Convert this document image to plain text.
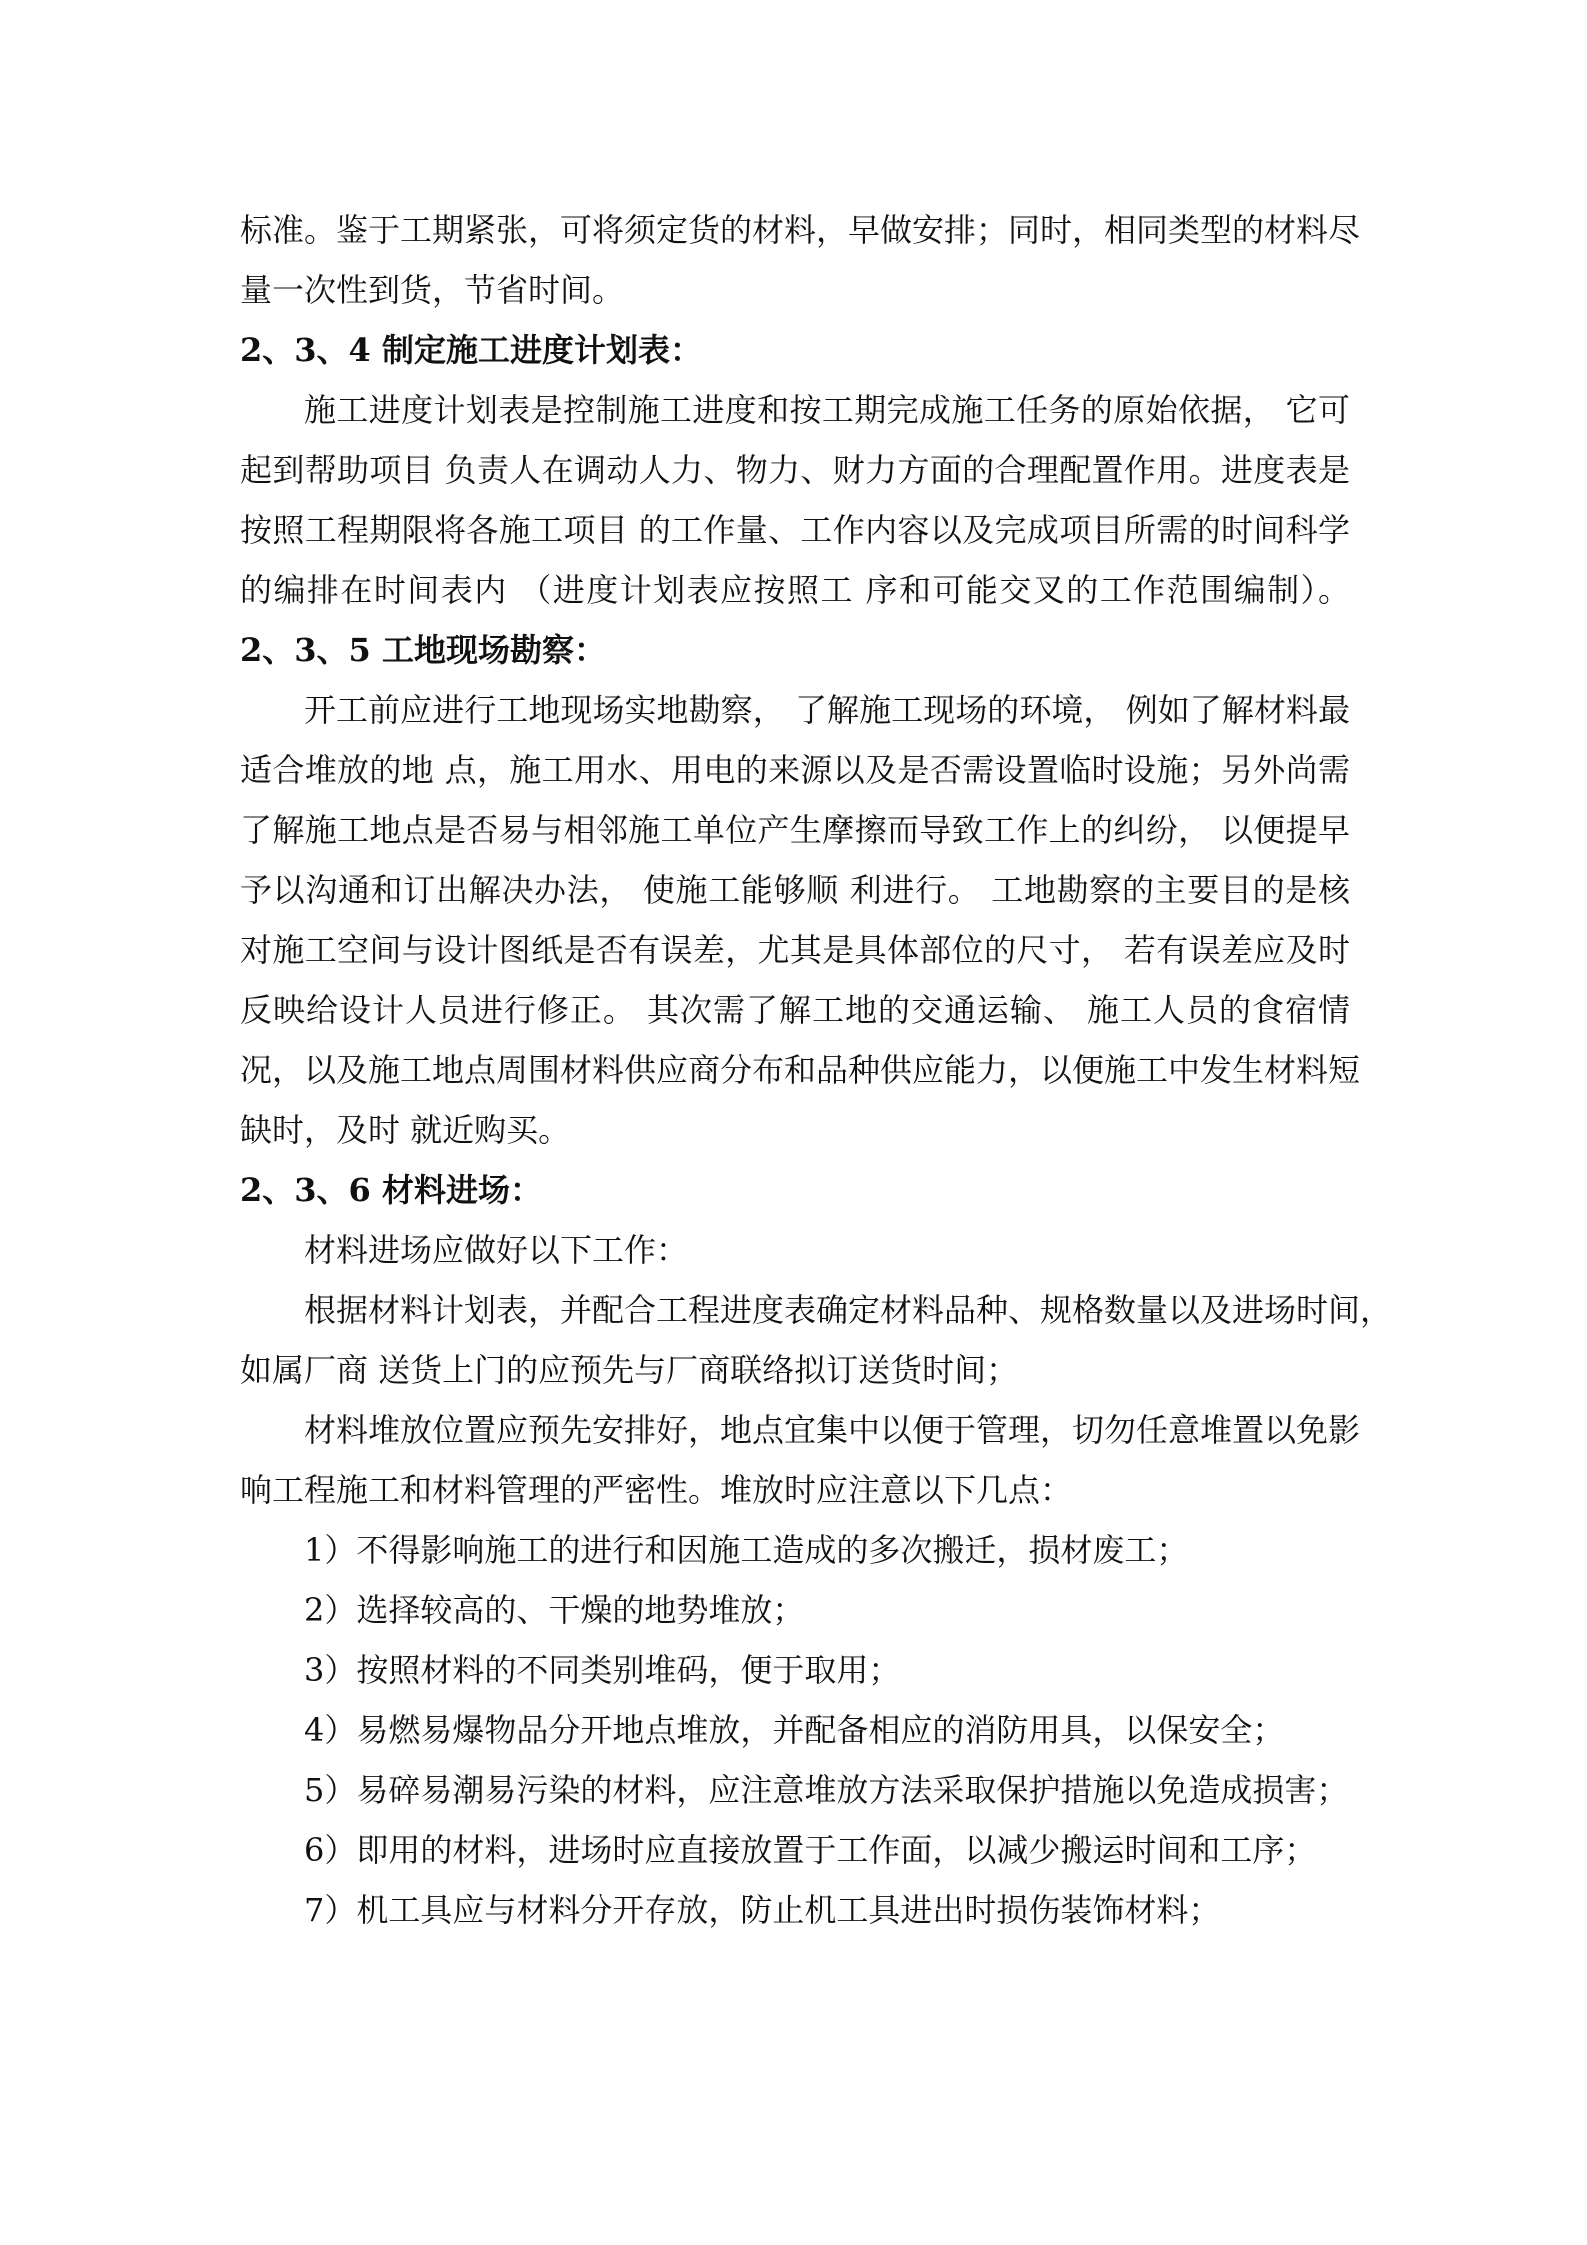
标准。鉴于工期紧张，可将须定货的材料，早做安排；同时，相同类型的材料尽
量一次性到货，节省时间。
2、3、4 制定施工进度计划表：
施工进度计划表是控制施工进度和按工期完成施工任务的原始依据， 它可
起到帮助项目 负责人在调动人力、物力、财力方面的合理配置作用。进度表是
按照工程期限将各施工项目 的工作量、工作内容以及完成项目所需的时间科学
的编排在时间表内 （进度计划表应按照工 序和可能交叉的工作范围编制）。
2、3、5 工地现场勘察：
开工前应进行工地现场实地勘察， 了解施工现场的环境， 例如了解材料最
适合堆放的地 点，施工用水、用电的来源以及是否需设置临时设施；另外尚需
了解施工地点是否易与相邻施工单位产生摩擦而导致工作上的纠纷， 以便提早
予以沟通和订出解决办法， 使施工能够顺 利进行。 工地勘察的主要目的是核
对施工空间与设计图纸是否有误差，尤其是具体部位的尺寸， 若有误差应及时
反映给设计人员进行修正。 其次需了解工地的交通运输、 施工人员的食宿情
况，以及施工地点周围材料供应商分布和品种供应能力，以便施工中发生材料短
缺时，及时 就近购买。
2、3、6 材料进场：
材料进场应做好以下工作：
根据材料计划表，并配合工程进度表确定材料品种、规格数量以及进场时间，
如属厂商 送货上门的应预先与厂商联络拟订送货时间；
材料堆放位置应预先安排好，地点宜集中以便于管理，切勿任意堆置以免影
响工程施工和材料管理的严密性。堆放时应注意以下几点：
1）不得影响施工的进行和因施工造成的多次搬迁，损材废工；
2）选择较高的、干燥的地势堆放；
3）按照材料的不同类别堆码，便于取用；
4）易燃易爆物品分开地点堆放，并配备相应的消防用具，以保安全；
5）易碎易潮易污染的材料，应注意堆放方法采取保护措施以免造成损害；
6）即用的材料，进场时应直接放置于工作面，以减少搬运时间和工序；
7）机工具应与材料分开存放，防止机工具进出时损伤装饰材料；
